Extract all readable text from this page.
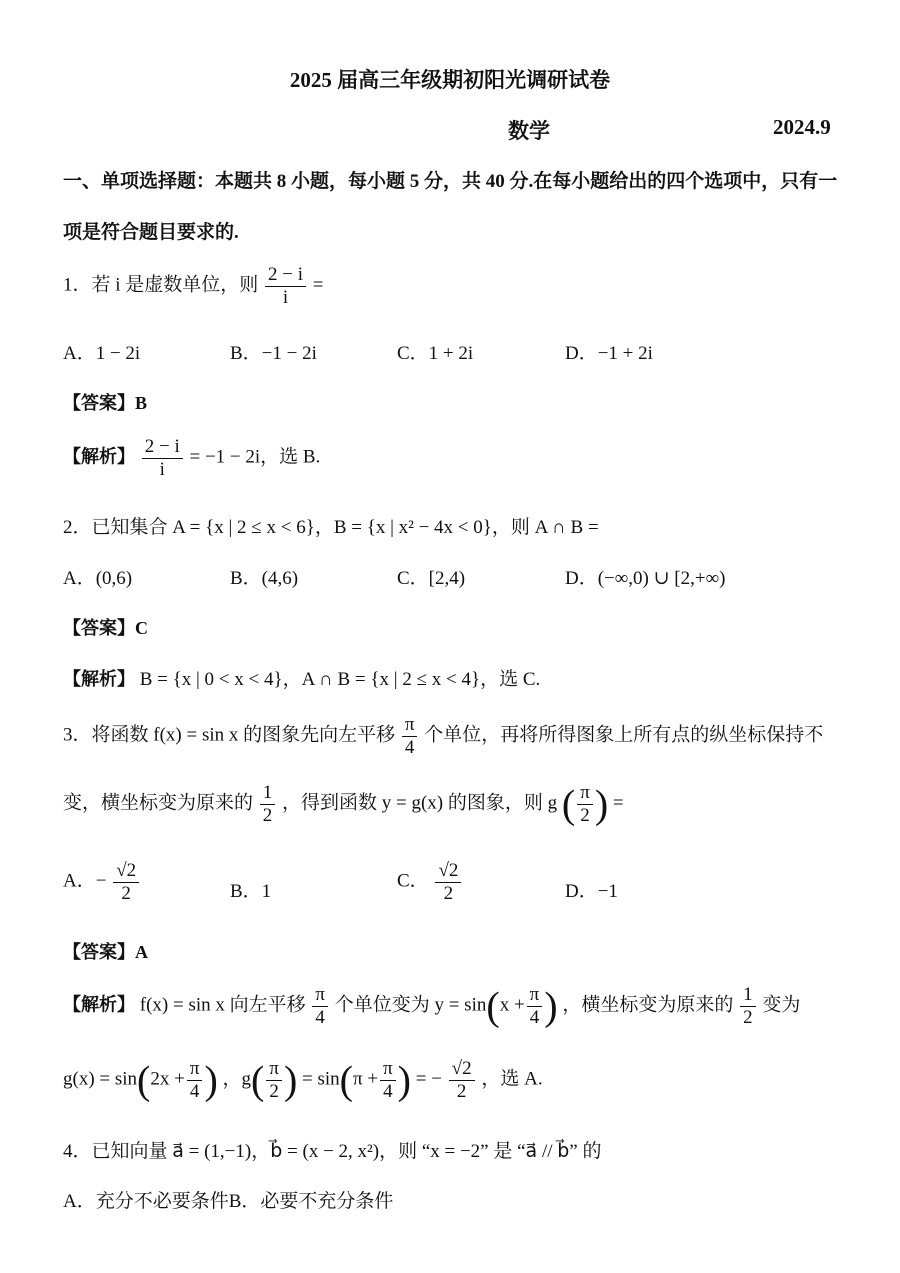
2025 届高三年级期初阳光调研试卷
数学	2024.9
一、单项选择题：本题共 8 小题，每小题 5 分，共 40 分.在每小题给出的四个选项中，只有一
项是符合题目要求的.
1．若 i 是虚数单位，则 $\frac{2 - i}{i}$ =
A．1 − 2i	B．−1 − 2i	C．1 + 2i	D．−1 + 2i
【答案】B
【解析】 $\frac{2 - i}{i} = -1 - 2i$，选 B.
2．已知集合 A = {x | 2 ≤ x < 6}，B = {x | x² − 4x < 0}，则 A ∩ B =
A．(0,6)	B．(4,6)	C．[2,4)	D．(−∞,0) ∪ [2,+∞)
【答案】C
【解析】 B = {x | 0 < x < 4}，A ∩ B = {x | 2 ≤ x < 4}，选 C.
3．将函数 f(x) = sin x 的图象先向左平移 $\frac{\pi}{4}$ 个单位，再将所得图象上所有点的纵坐标保持不
变，横坐标变为原来的 $\frac{1}{2}$ ，得到函数 y = g(x) 的图象，则 g ( $\frac{\pi}{2}$ ) =
A．− $\frac{√2}{2}$	B．1	C． $\frac{√2}{2}$	D．−1
【答案】A
【解析】 f(x) = sin x 向左平移 $\frac{\pi}{4}$ 个单位变为 $y = \sin(x + \frac{\pi}{4}$ ) ，横坐标变为原来的 $\frac{1}{2}$ 变为
$g(x) = \sin(2x + \frac{\pi}{4}$ ) ，$g( \frac{\pi}{2}$ ) = $\sin(\pi + \frac{\pi}{4}$ ) = − $\frac{√2}{2}$ ，选 A.
4．已知向量 a⃗ = (1,−1)，b⃗ = (x − 2, x²)，则 “x = −2” 是 “a⃗ // b⃗” 的
A．充分不必要条件B．必要不充分条件
